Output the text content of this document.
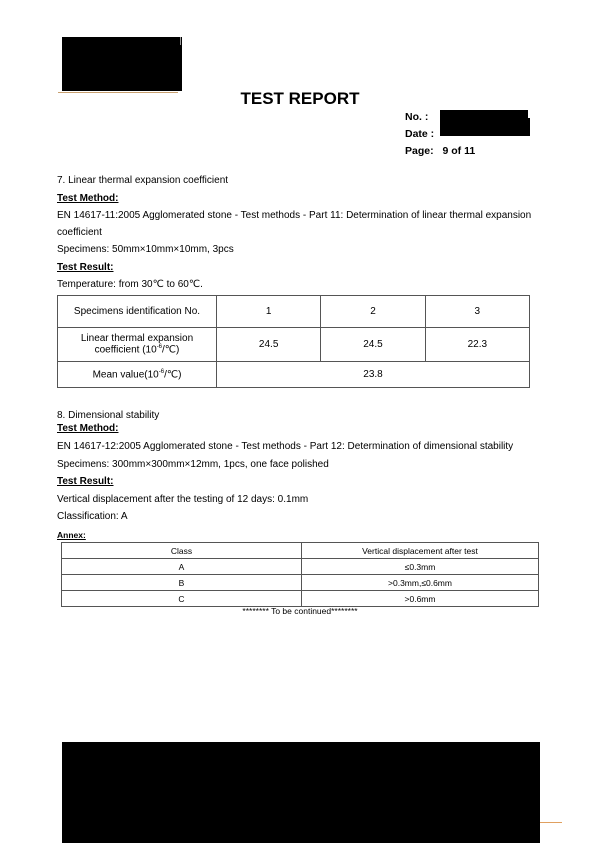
TEST REPORT
No. :
Date :
Page: 9 of 11
7. Linear thermal expansion coefficient
Test Method:
EN 14617-11:2005 Agglomerated stone - Test methods - Part 11: Determination of linear thermal expansion
coefficient
Specimens: 50mm×10mm×10mm, 3pcs
Test Result:
Temperature: from 30℃ to 60℃.
Specimens identification No.	1	2	3
Linear thermal expansion
coefficient $(10^{-6}/℃)$	24.5	24.5	22.3
Mean $value(10^{-6}/℃)$	23.8		
8. Dimensional stability
Test Method:
EN 14617-12:2005 Agglomerated stone - Test methods - Part 12: Determination of dimensional stability
Specimens: 300mm×300mm×12mm, 1pcs, one face polished
Test Result:
Vertical displacement after the testing of 12 days: 0.1mm
Classification: A
Annex:
Class	Vertical displacement after test
A	≤0.3mm
B	>0.3mm,≤0.6mm
C	>0.6mm
******** To be continued********
